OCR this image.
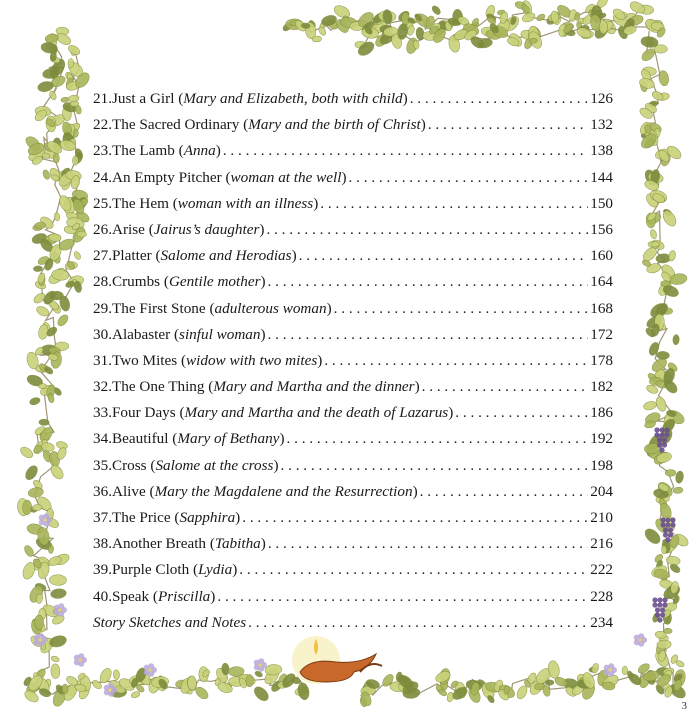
21. Just a Girl ( Mary and Elizabeth, both with child ) . . .	126
22. The Sacred Ordinary ( Mary and the birth of Christ ) . . .	132
23. The Lamb ( Anna ) . . .	138
24. An Empty Pitcher ( woman at the well ) . . .	144
25. The Hem ( woman with an illness ) . . .	150
26. Arise ( Jairus’s daughter ) . . .	156
27. Platter ( Salome and Herodias ) . . .	160
28. Crumbs ( Gentile mother ) . . .	164
29. The First Stone ( adulterous woman ) . . .	168
30. Alabaster ( sinful woman ) . . .	172
31. Two Mites ( widow with two mites ) . . .	178
32. The One Thing ( Mary and Martha and the dinner ) . . .	182
33. Four Days ( Mary and Martha and the death of Lazarus ) . . .	186
34. Beautiful ( Mary of Bethany ) . . .	192
35. Cross ( Salome at the cross ) . . .	198
36. Alive ( Mary the Magdalene and the Resurrection ) . . .	204
37. The Price ( Sapphira ) . . .	210
38. Another Breath ( Tabitha ) . . .	216
39. Purple Cloth ( Lydia ) . . .	222
40. Speak ( Priscilla ) . . .	228
Story Sketches and Notes . . .	234
3
